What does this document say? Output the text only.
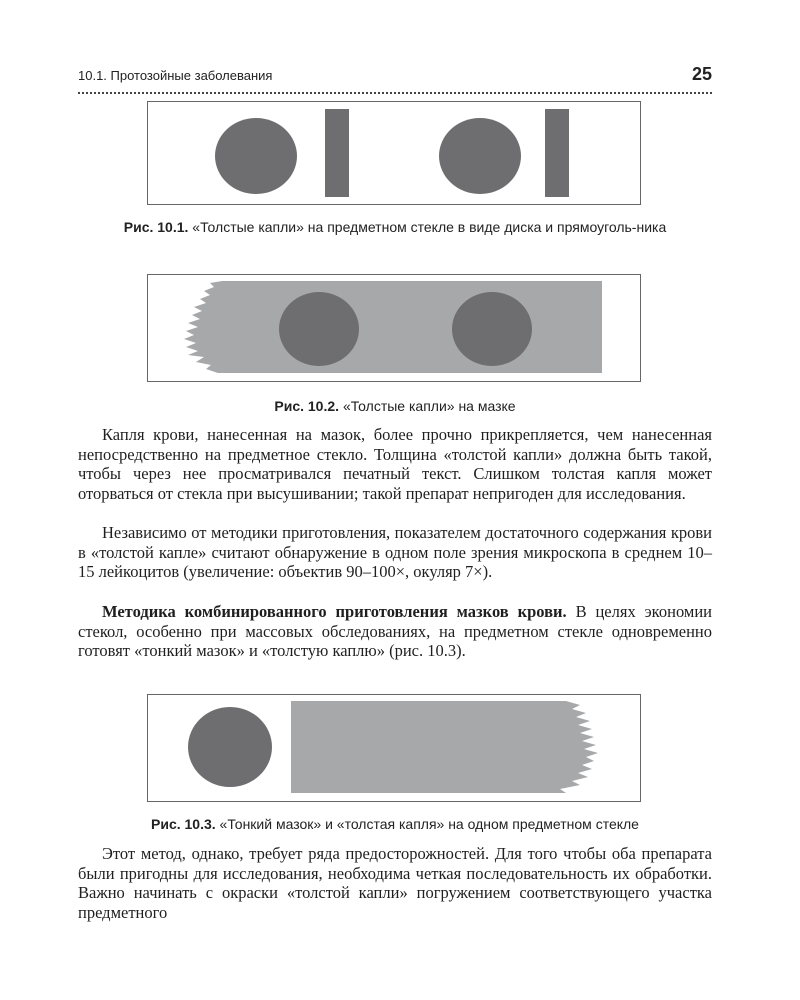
10.1. Протозойные заболевания	25
Рис. 10.1. «Толстые капли» на предметном стекле в виде диска и прямоуголь-ника
Рис. 10.2. «Толстые капли» на мазке

Капля крови, нанесенная на мазок, более прочно прикрепляется, чем нанесенная непосредственно на предметное стекло. Толщина «толстой капли» должна быть такой, чтобы через нее просматривался печатный текст. Слишком толстая капля может оторваться от стекла при высушивании; такой препарат непригоден для исследования.

Независимо от методики приготовления, показателем достаточного содержания крови в «толстой капле» считают обнаружение в одном поле зрения микроскопа в среднем 10–15 лейкоцитов (увеличение: объектив 90–100×, окуляр 7×).

Методика комбинированного приготовления мазков крови. В целях экономии стекол, особенно при массовых обследованиях, на предметном стекле одновременно готовят «тонкий мазок» и «толстую каплю» (рис. 10.3).

Рис. 10.3. «Тонкий мазок» и «толстая капля» на одном предметном стекле

Этот метод, однако, требует ряда предосторожностей. Для того чтобы оба препарата были пригодны для исследования, необходима четкая последовательность их обработки. Важно начинать с окраски «толстой капли» погружением соответствующего участка предметного
